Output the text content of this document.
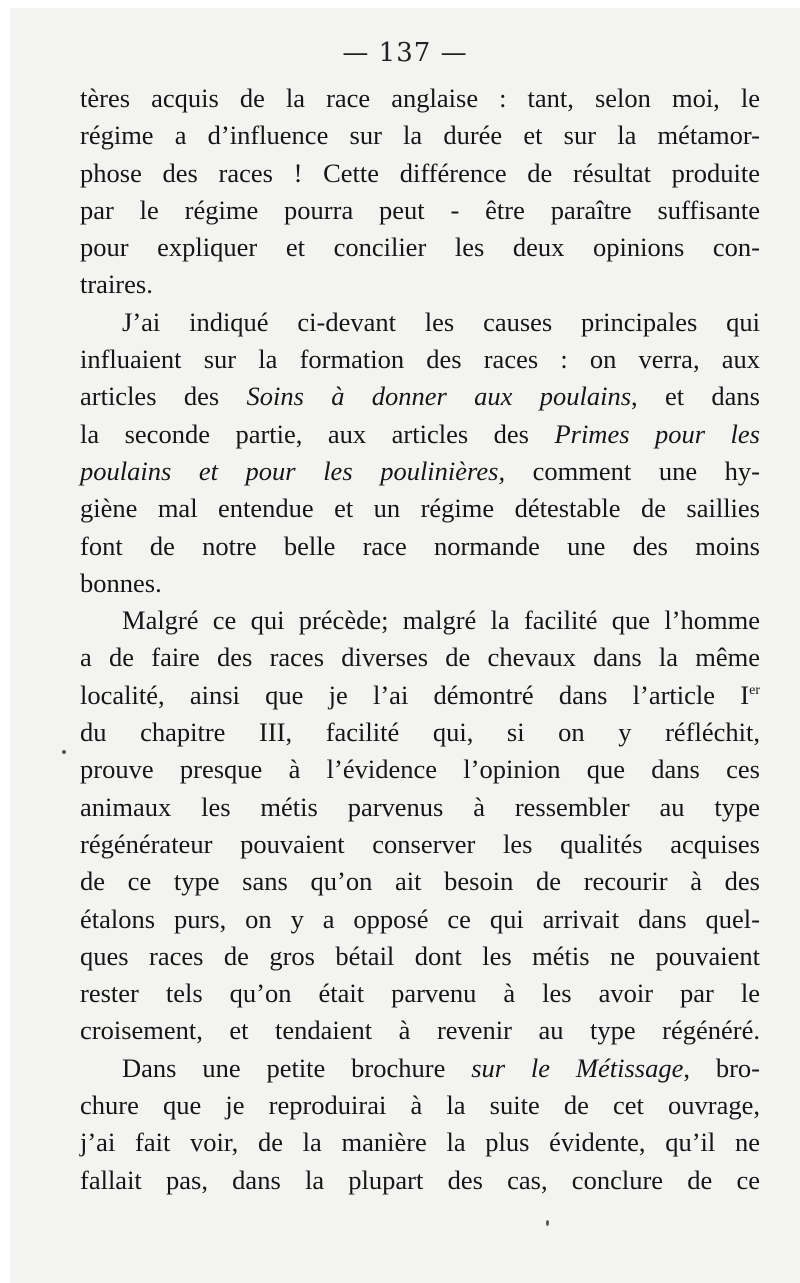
— 137 —
tères acquis de la race anglaise : tant, selon moi, le
régime a d’influence sur la durée et sur la métamor-
phose des races ! Cette différence de résultat produite
par le régime pourra peut - être paraître suffisante
pour expliquer et concilier les deux opinions con-
traires.
J’ai indiqué ci-devant les causes principales qui
influaient sur la formation des races : on verra, aux
articles des Soins à donner aux poulains, et dans
la seconde partie, aux articles des Primes pour les
poulains et pour les poulinières, comment une hy-
giène mal entendue et un régime détestable de saillies
font de notre belle race normande une des moins
bonnes.
Malgré ce qui précède; malgré la facilité que l’homme
a de faire des races diverses de chevaux dans la même
localité, ainsi que je l’ai démontré dans l’article Ier
du chapitre III, facilité qui, si on y réfléchit,
prouve presque à l’évidence l’opinion que dans ces
animaux les métis parvenus à ressembler au type
régénérateur pouvaient conserver les qualités acquises
de ce type sans qu’on ait besoin de recourir à des
étalons purs, on y a opposé ce qui arrivait dans quel-
ques races de gros bétail dont les métis ne pouvaient
rester tels qu’on était parvenu à les avoir par le
croisement, et tendaient à revenir au type régénéré.
Dans une petite brochure sur le Métissage, bro-
chure que je reproduirai à la suite de cet ouvrage,
j’ai fait voir, de la manière la plus évidente, qu’il ne
fallait pas, dans la plupart des cas, conclure de ce
